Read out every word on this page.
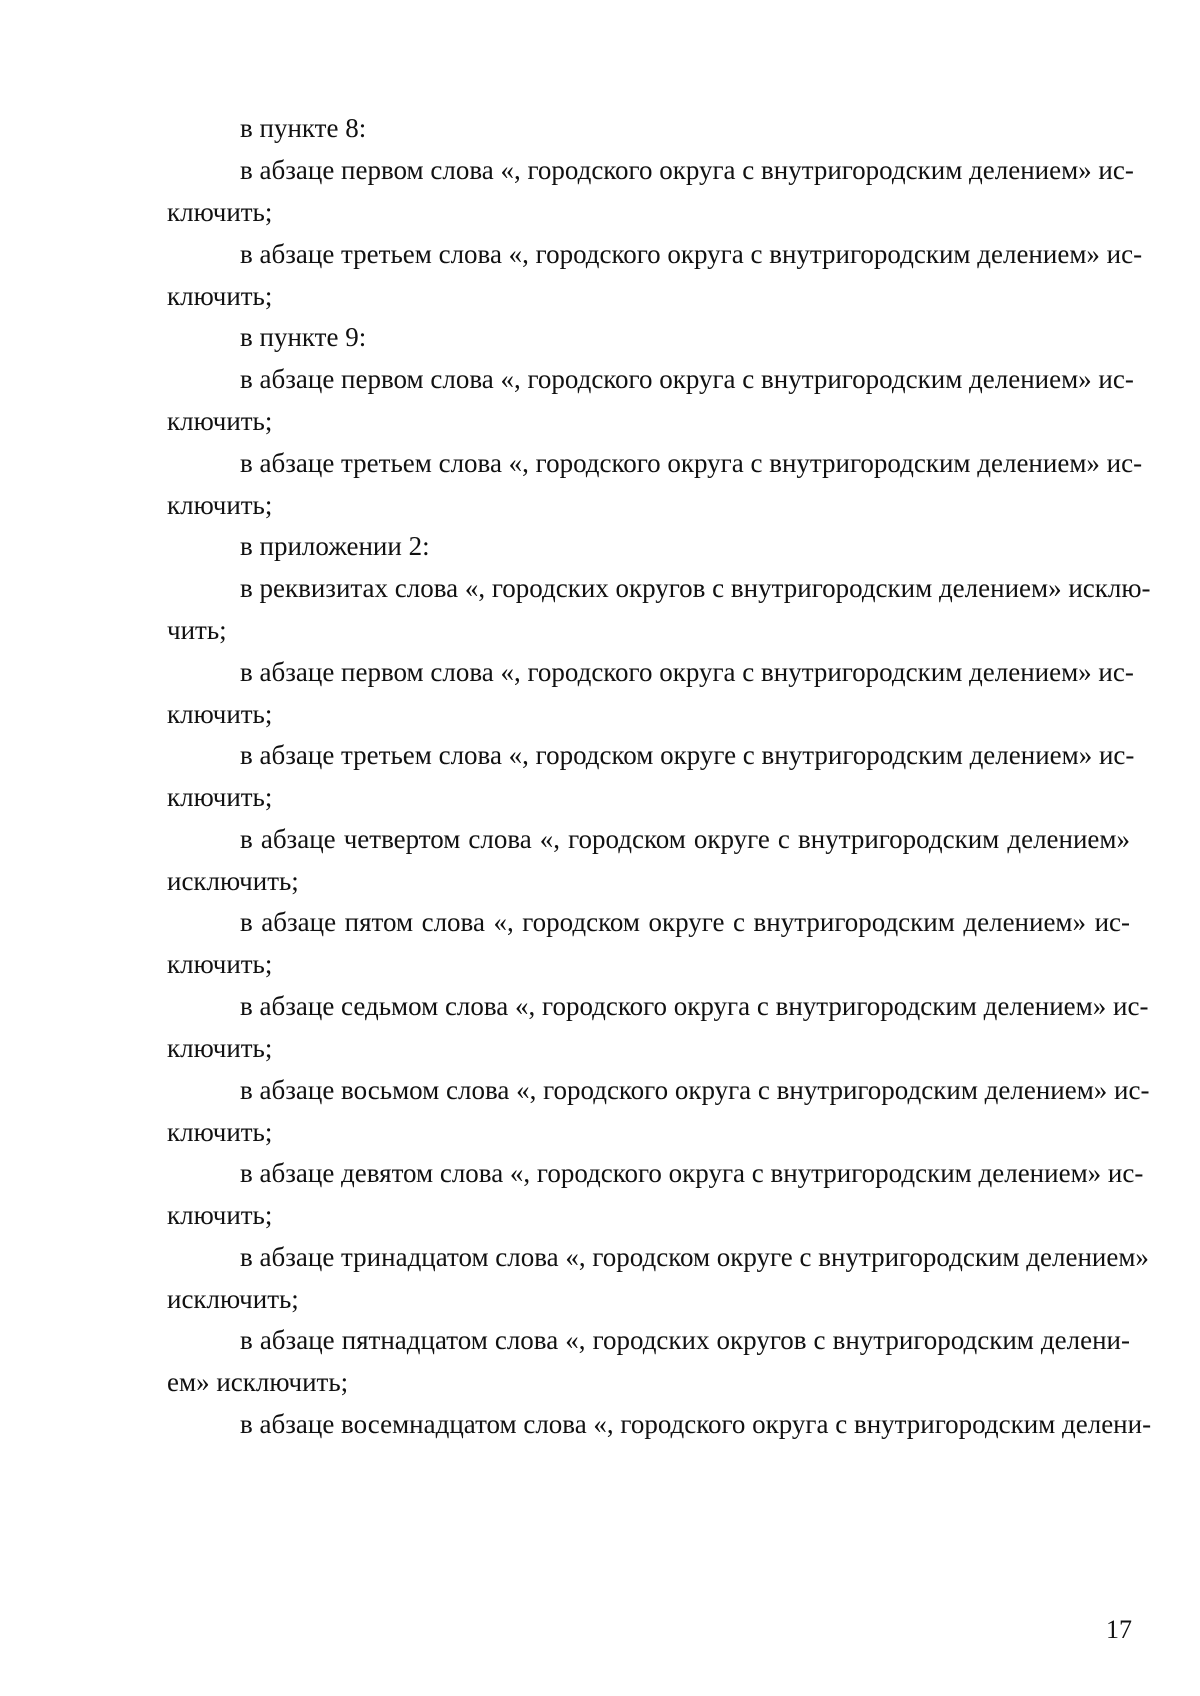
в пункте 8:
в абзаце первом слова «, городского округа с внутригородским делением» ис-
ключить;
в абзаце третьем слова «, городского округа с внутригородским делением» ис-
ключить;
в пункте 9:
в абзаце первом слова «, городского округа с внутригородским делением» ис-
ключить;
в абзаце третьем слова «, городского округа с внутригородским делением» ис-
ключить;
в приложении 2:
в реквизитах слова «, городских округов с внутригородским делением» исклю-
чить;
в абзаце первом слова «, городского округа с внутригородским делением» ис-
ключить;
в абзаце третьем слова «, городском округе с внутригородским делением» ис-
ключить;
в абзаце четвертом слова «, городском округе с внутригородским делением»
исключить;
в абзаце пятом слова «, городском округе с внутригородским делением» ис-
ключить;
в абзаце седьмом слова «, городского округа с внутригородским делением» ис-
ключить;
в абзаце восьмом слова «, городского округа с внутригородским делением» ис-
ключить;
в абзаце девятом слова «, городского округа с внутригородским делением» ис-
ключить;
в абзаце тринадцатом слова «, городском округе с внутригородским делением»
исключить;
в абзаце пятнадцатом слова «, городских округов с внутригородским делени-
ем» исключить;
в абзаце восемнадцатом слова «, городского округа с внутригородским делени-
17
